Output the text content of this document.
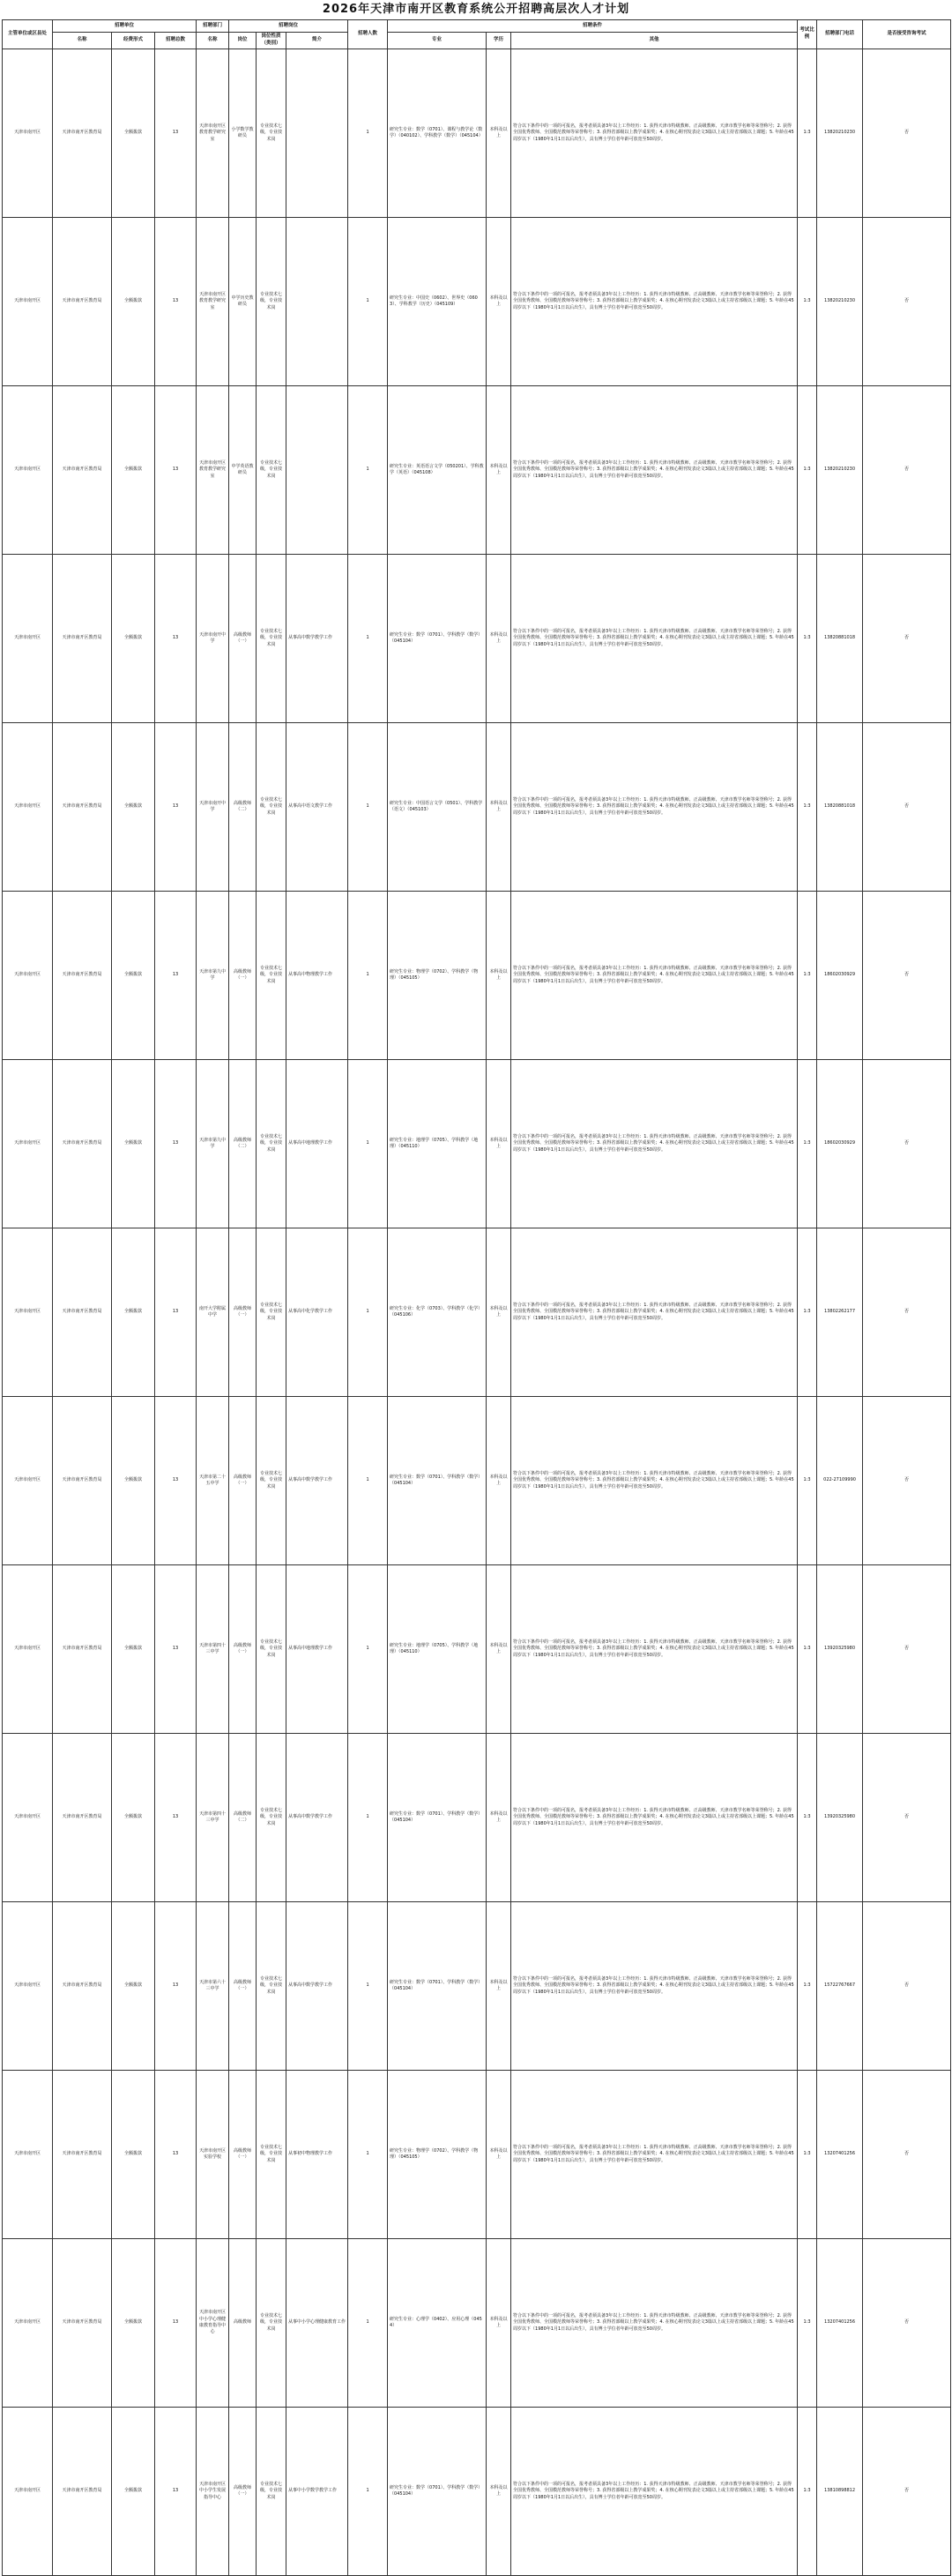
2026年天津市南开区教育系统公开招聘高层次人才计划
主管单位或区县处	招聘单位			招聘部门	招聘岗位			招聘人数	招聘条件			考试比例	招聘部门电话	是否接受咨询考试
	名称	经费形式	招聘总数	名称	岗位	岗位性质（类别）	简介		专业	学历	其他			
天津市南开区	天津市南开区教育局	全额拨款	13	天津市南开区教育教学研究室	小学数学教研员	专业技术七级，专业技术岗		1	研究生专业：数学（0701）、课程与教学论（数学）（040102）、学科教学（数学）（045104）	本科及以上	符合以下条件中的一项的可报名，报考者须具备3年以上工作经历：1. 获得天津市特级教师、正高级教师、天津市教学名师等荣誉称号；2. 获得全国优秀教师、全国模范教师等荣誉称号；3. 获得省部级以上教学成果奖；4. 在核心期刊发表论文3篇以上或主持省部级以上课题；5. 年龄在45周岁以下（1980年1月1日以后出生），具有博士学位者年龄可放宽至50周岁。	1:3	13820210230	否
天津市南开区	天津市南开区教育局	全额拨款	13	天津市南开区教育教学研究室	中学历史教研员	专业技术七级，专业技术岗		1	研究生专业：中国史（0602）、世界史（0603）、学科教学（历史）（045109）	本科及以上	符合以下条件中的一项的可报名，报考者须具备3年以上工作经历：1. 获得天津市特级教师、正高级教师、天津市教学名师等荣誉称号；2. 获得全国优秀教师、全国模范教师等荣誉称号；3. 获得省部级以上教学成果奖；4. 在核心期刊发表论文3篇以上或主持省部级以上课题；5. 年龄在45周岁以下（1980年1月1日以后出生），具有博士学位者年龄可放宽至50周岁。	1:3	13820210230	否
天津市南开区	天津市南开区教育局	全额拨款	13	天津市南开区教育教学研究室	中学英语教研员	专业技术七级，专业技术岗		1	研究生专业：英语语言文学（050201）、学科教学（英语）（045108）	本科及以上	符合以下条件中的一项的可报名，报考者须具备3年以上工作经历：1. 获得天津市特级教师、正高级教师、天津市教学名师等荣誉称号；2. 获得全国优秀教师、全国模范教师等荣誉称号；3. 获得省部级以上教学成果奖；4. 在核心期刊发表论文3篇以上或主持省部级以上课题；5. 年龄在45周岁以下（1980年1月1日以后出生），具有博士学位者年龄可放宽至50周岁。	1:3	13820210230	否
天津市南开区	天津市南开区教育局	全额拨款	13	天津市南开中学	高级教师（一）	专业技术七级，专业技术岗	从事高中数学教学工作	1	研究生专业：数学（0701）、学科教学（数学）（045104）	本科及以上	符合以下条件中的一项的可报名，报考者须具备3年以上工作经历：1. 获得天津市特级教师、正高级教师、天津市教学名师等荣誉称号；2. 获得全国优秀教师、全国模范教师等荣誉称号；3. 获得省部级以上教学成果奖；4. 在核心期刊发表论文3篇以上或主持省部级以上课题；5. 年龄在45周岁以下（1980年1月1日以后出生），具有博士学位者年龄可放宽至50周岁。	1:3	13820881018	否
天津市南开区	天津市南开区教育局	全额拨款	13	天津市南开中学	高级教师（二）	专业技术七级，专业技术岗	从事高中语文教学工作	1	研究生专业：中国语言文学（0501）、学科教学（语文）（045103）	本科及以上	符合以下条件中的一项的可报名，报考者须具备3年以上工作经历：1. 获得天津市特级教师、正高级教师、天津市教学名师等荣誉称号；2. 获得全国优秀教师、全国模范教师等荣誉称号；3. 获得省部级以上教学成果奖；4. 在核心期刊发表论文3篇以上或主持省部级以上课题；5. 年龄在45周岁以下（1980年1月1日以后出生），具有博士学位者年龄可放宽至50周岁。	1:3	13820881018	否
天津市南开区	天津市南开区教育局	全额拨款	13	天津市第九中学	高级教师（一）	专业技术七级，专业技术岗	从事高中物理教学工作	1	研究生专业：物理学（0702）、学科教学（物理）（045105）	本科及以上	符合以下条件中的一项的可报名，报考者须具备3年以上工作经历：1. 获得天津市特级教师、正高级教师、天津市教学名师等荣誉称号；2. 获得全国优秀教师、全国模范教师等荣誉称号；3. 获得省部级以上教学成果奖；4. 在核心期刊发表论文3篇以上或主持省部级以上课题；5. 年龄在45周岁以下（1980年1月1日以后出生），具有博士学位者年龄可放宽至50周岁。	1:3	18602030929	否
天津市南开区	天津市南开区教育局	全额拨款	13	天津市第九中学	高级教师（二）	专业技术七级，专业技术岗	从事高中地理教学工作	1	研究生专业：地理学（0705）、学科教学（地理）（045110）	本科及以上	符合以下条件中的一项的可报名，报考者须具备3年以上工作经历：1. 获得天津市特级教师、正高级教师、天津市教学名师等荣誉称号；2. 获得全国优秀教师、全国模范教师等荣誉称号；3. 获得省部级以上教学成果奖；4. 在核心期刊发表论文3篇以上或主持省部级以上课题；5. 年龄在45周岁以下（1980年1月1日以后出生），具有博士学位者年龄可放宽至50周岁。	1:3	18602030929	否
天津市南开区	天津市南开区教育局	全额拨款	13	南开大学附属中学	高级教师（一）	专业技术七级，专业技术岗	从事高中化学教学工作	1	研究生专业：化学（0703）、学科教学（化学）（045106）	本科及以上	符合以下条件中的一项的可报名，报考者须具备3年以上工作经历：1. 获得天津市特级教师、正高级教师、天津市教学名师等荣誉称号；2. 获得全国优秀教师、全国模范教师等荣誉称号；3. 获得省部级以上教学成果奖；4. 在核心期刊发表论文3篇以上或主持省部级以上课题；5. 年龄在45周岁以下（1980年1月1日以后出生），具有博士学位者年龄可放宽至50周岁。	1:3	13802262177	否
天津市南开区	天津市南开区教育局	全额拨款	13	天津市第二十五中学	高级教师（一）	专业技术七级，专业技术岗	从事高中数学教学工作	1	研究生专业：数学（0701）、学科教学（数学）（045104）	本科及以上	符合以下条件中的一项的可报名，报考者须具备3年以上工作经历：1. 获得天津市特级教师、正高级教师、天津市教学名师等荣誉称号；2. 获得全国优秀教师、全国模范教师等荣誉称号；3. 获得省部级以上教学成果奖；4. 在核心期刊发表论文3篇以上或主持省部级以上课题；5. 年龄在45周岁以下（1980年1月1日以后出生），具有博士学位者年龄可放宽至50周岁。	1:3	022-27109990	否
天津市南开区	天津市南开区教育局	全额拨款	13	天津市第四十三中学	高级教师（一）	专业技术七级，专业技术岗	从事高中地理教学工作	1	研究生专业：地理学（0705）、学科教学（地理）（045110）	本科及以上	符合以下条件中的一项的可报名，报考者须具备3年以上工作经历：1. 获得天津市特级教师、正高级教师、天津市教学名师等荣誉称号；2. 获得全国优秀教师、全国模范教师等荣誉称号；3. 获得省部级以上教学成果奖；4. 在核心期刊发表论文3篇以上或主持省部级以上课题；5. 年龄在45周岁以下（1980年1月1日以后出生），具有博士学位者年龄可放宽至50周岁。	1:3	13920325980	否
天津市南开区	天津市南开区教育局	全额拨款	13	天津市第四十三中学	高级教师（二）	专业技术七级，专业技术岗	从事高中数学教学工作	1	研究生专业：数学（0701）、学科教学（数学）（045104）	本科及以上	符合以下条件中的一项的可报名，报考者须具备3年以上工作经历：1. 获得天津市特级教师、正高级教师、天津市教学名师等荣誉称号；2. 获得全国优秀教师、全国模范教师等荣誉称号；3. 获得省部级以上教学成果奖；4. 在核心期刊发表论文3篇以上或主持省部级以上课题；5. 年龄在45周岁以下（1980年1月1日以后出生），具有博士学位者年龄可放宽至50周岁。	1:3	13920325980	否
天津市南开区	天津市南开区教育局	全额拨款	13	天津市第六十三中学	高级教师（一）	专业技术七级，专业技术岗	从事高中数学教学工作	1	研究生专业：数学（0701）、学科教学（数学）（045104）	本科及以上	符合以下条件中的一项的可报名，报考者须具备3年以上工作经历：1. 获得天津市特级教师、正高级教师、天津市教学名师等荣誉称号；2. 获得全国优秀教师、全国模范教师等荣誉称号；3. 获得省部级以上教学成果奖；4. 在核心期刊发表论文3篇以上或主持省部级以上课题；5. 年龄在45周岁以下（1980年1月1日以后出生），具有博士学位者年龄可放宽至50周岁。	1:3	15722767667	否
天津市南开区	天津市南开区教育局	全额拨款	13	天津市南开区实验学校	高级教师（一）	专业技术七级，专业技术岗	从事初中物理教学工作	1	研究生专业：物理学（0702）、学科教学（物理）（045105）	本科及以上	符合以下条件中的一项的可报名，报考者须具备3年以上工作经历：1. 获得天津市特级教师、正高级教师、天津市教学名师等荣誉称号；2. 获得全国优秀教师、全国模范教师等荣誉称号；3. 获得省部级以上教学成果奖；4. 在核心期刊发表论文3篇以上或主持省部级以上课题；5. 年龄在45周岁以下（1980年1月1日以后出生），具有博士学位者年龄可放宽至50周岁。	1:3	13207401256	否
天津市南开区	天津市南开区教育局	全额拨款	13	天津市南开区中小学心理健康教育指导中心	高级教师	专业技术七级，专业技术岗	从事中小学心理健康教育工作	1	研究生专业：心理学（0402）、应用心理（0454）	本科及以上	符合以下条件中的一项的可报名，报考者须具备3年以上工作经历：1. 获得天津市特级教师、正高级教师、天津市教学名师等荣誉称号；2. 获得全国优秀教师、全国模范教师等荣誉称号；3. 获得省部级以上教学成果奖；4. 在核心期刊发表论文3篇以上或主持省部级以上课题；5. 年龄在45周岁以下（1980年1月1日以后出生），具有博士学位者年龄可放宽至50周岁。	1:3	13207401256	否
天津市南开区	天津市南开区教育局	全额拨款	13	天津市南开区中小学生发展指导中心	高级教师（一）	专业技术七级，专业技术岗	从事中小学数学教学工作	1	研究生专业：数学（0701）、学科教学（数学）（045104）	本科及以上	符合以下条件中的一项的可报名，报考者须具备3年以上工作经历：1. 获得天津市特级教师、正高级教师、天津市教学名师等荣誉称号；2. 获得全国优秀教师、全国模范教师等荣誉称号；3. 获得省部级以上教学成果奖；4. 在核心期刊发表论文3篇以上或主持省部级以上课题；5. 年龄在45周岁以下（1980年1月1日以后出生），具有博士学位者年龄可放宽至50周岁。	1:3	13810898812	否
